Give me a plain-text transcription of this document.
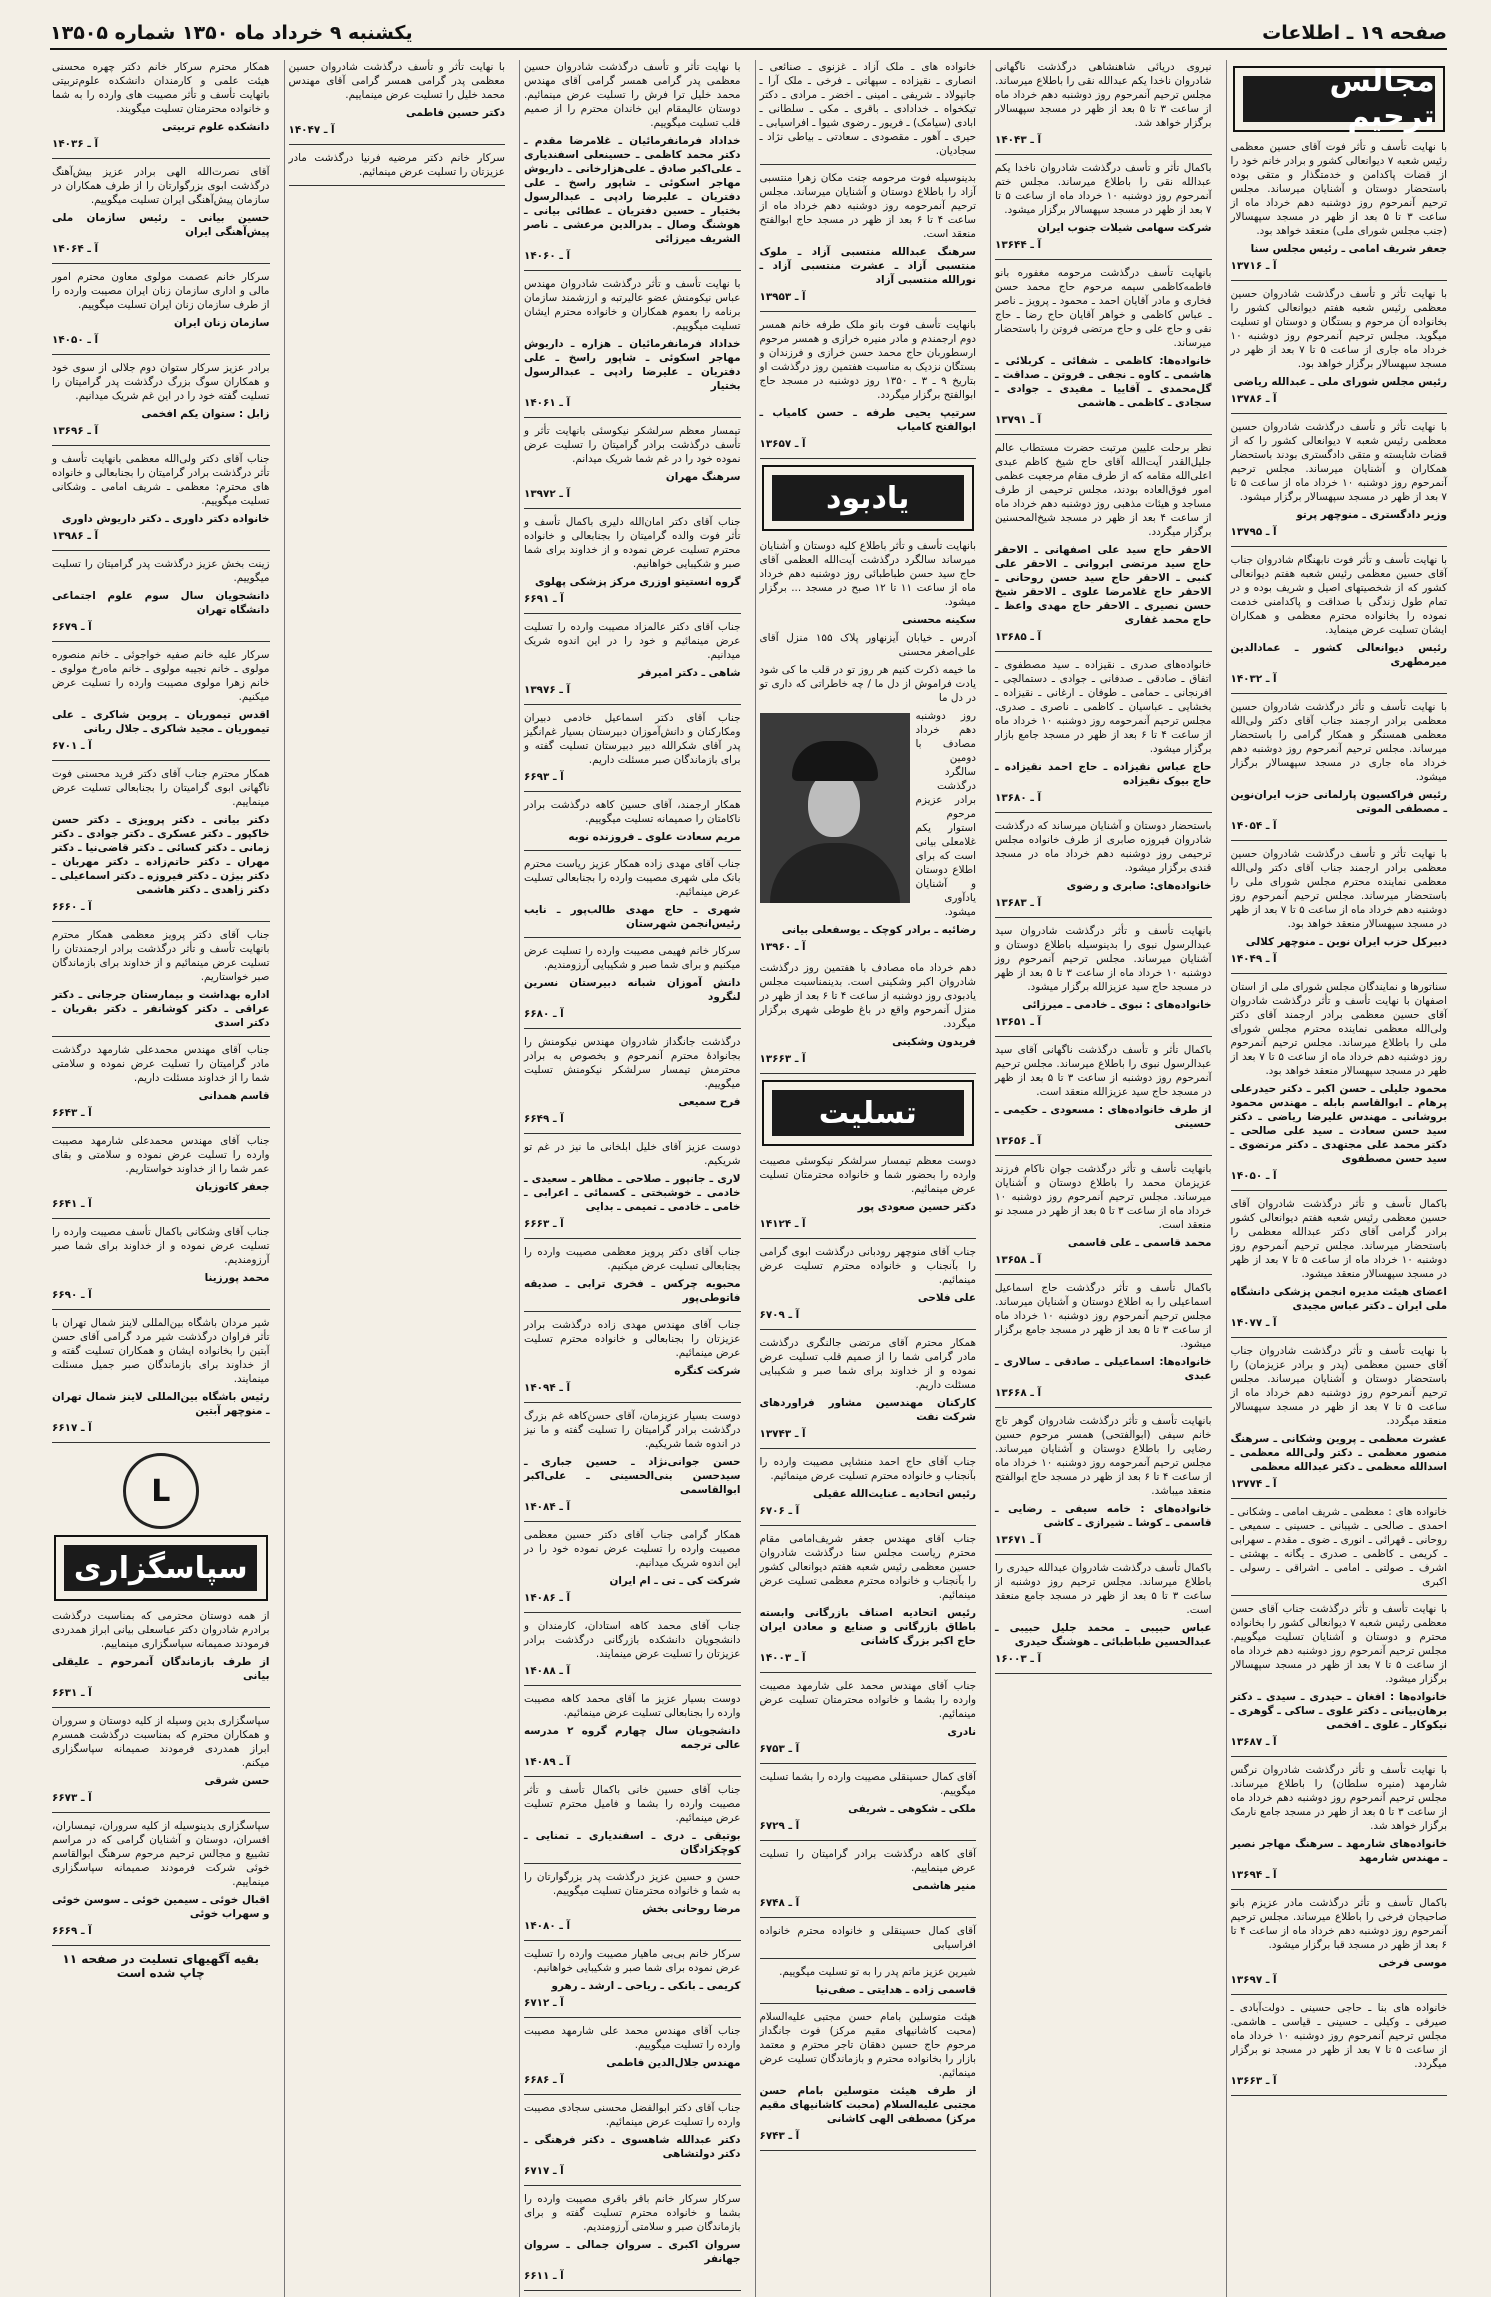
صفحه ۱۹ ـ اطلاعات
یکشنبه ۹ خرداد ماه ۱۳۵۰ شماره ۱۳۵۰۵
مجالس ترحیم

با نهایت تأسف و تأثر فوت آقای حسین معظمی رئیس شعبه ۷ دیوانعالی کشور و برادر خانم خود را از قضات پاکدامن و خدمتگذار و متقی بوده باستحضار دوستان و آشنایان میرساند. مجلس ترحیم آنمرحوم روز دوشنبه دهم خرداد ماه از ساعت ۳ تا ۵ بعد از ظهر در مسجد سپهسالار (جنب مجلس شورای ملی) منعقد خواهد بود.

جعفر شریف امامی ـ رئیس مجلس سنا

آ ـ ۱۳۷۱۶

با نهایت تأثر و تأسف درگذشت شادروان حسین معظمی رئیس شعبه هفتم دیوانعالی کشور را بخانواده آن مرحوم و بستگان و دوستان او تسلیت میگوید. مجلس ترحیم آنمرحوم روز دوشنبه ۱۰ خرداد ماه جاری از ساعت ۵ تا ۷ بعد از ظهر در مسجد سپهسالار برگزار خواهد بود.

رئیس مجلس شورای ملی ـ عبدالله ریاضی

آ ـ ۱۳۷۸۶

با نهایت تأثر و تأسف درگذشت شادروان حسین معظمی رئیس شعبه ۷ دیوانعالی کشور را که از قضات شایسته و متقی دادگستری بودند باستحضار همکاران و آشنایان میرساند. مجلس ترحیم آنمرحوم روز دوشنبه ۱۰ خرداد ماه از ساعت ۵ تا ۷ بعد از ظهر در مسجد سپهسالار برگزار میشود.

وزیر دادگستری ـ منوچهر پرتو

آ ـ ۱۳۷۹۵

با نهایت تأسف و تأثر فوت نابهنگام شادروان جناب آقای حسین معظمی رئیس شعبه هفتم دیوانعالی کشور که از شخصیتهای اصیل و شریف بوده و در تمام طول زندگی با صداقت و پاکدامنی خدمت نموده را بخانواده محترم معظمی و همکاران ایشان تسلیت عرض مینماید.

رئیس دیوانعالی کشور ـ عمادالدین میرمطهری

آ ـ ۱۴۰۳۲

با نهایت تأسف و تأثر درگذشت شادروان حسین معظمی برادر ارجمند جناب آقای دکتر ولی‌الله معظمی همسنگر و همکار گرامی را باستحضار میرساند. مجلس ترحیم آنمرحوم روز دوشنبه دهم خرداد ماه جاری در مسجد سپهسالار برگزار میشود.

رئیس فراکسیون پارلمانی حزب ایران‌نوین ـ مصطفی الموتی

آ ـ ۱۴۰۵۴

با نهایت تأثر و تأسف درگذشت شادروان حسین معظمی برادر ارجمند جناب آقای دکتر ولی‌الله معظمی نماینده محترم مجلس شورای ملی را باستحضار میرساند. مجلس ترحیم آنمرحوم روز دوشنبه دهم خرداد ماه از ساعت ۵ تا ۷ بعد از ظهر در مسجد سپهسالار منعقد خواهد بود.

دبیرکل حزب ایران نوین ـ منوچهر کلالی

آ ـ ۱۴۰۴۹

سناتورها و نمایندگان مجلس شورای ملی از استان اصفهان با نهایت تأسف و تأثر درگذشت شادروان آقای حسین معظمی برادر ارجمند آقای دکتر ولی‌الله معظمی نماینده محترم مجلس شورای ملی را باطلاع میرساند. مجلس ترحیم آنمرحوم روز دوشنبه دهم خرداد ماه از ساعت ۵ تا ۷ بعد از ظهر در مسجد سپهسالار منعقد خواهد بود.

محمود جلیلی ـ حسن اکبر ـ دکتر حیدرعلی پرهام ـ ابوالقاسم بابله ـ مهندس محمود بروشانی ـ مهندس علیرضا ریاضی ـ دکتر سید حسن سعادت ـ سید علی صالحی ـ دکتر محمد علی مجتهدی ـ دکتر مرتضوی ـ سید حسن مصطفوی

آ ـ ۱۴۰۵۰

باکمال تأسف و تأثر درگذشت شادروان آقای حسین معظمی رئیس شعبه هفتم دیوانعالی کشور برادر گرامی آقای دکتر عبدالله معظمی را باستحضار میرساند. مجلس ترحیم آنمرحوم روز دوشنبه ۱۰ خرداد ماه از ساعت ۵ تا ۷ بعد از ظهر در مسجد سپهسالار منعقد میشود.

اعضای هیئت مدیره انجمن پزشکی دانشگاه ملی ایران ـ دکتر عباس مجیدی

آ ـ ۱۴۰۷۷

با نهایت تأسف و تأثر درگذشت شادروان جناب آقای حسین معظمی (پدر و برادر عزیزمان) را باستحضار دوستان و آشنایان میرساند. مجلس ترحیم آنمرحوم روز دوشنبه دهم خرداد ماه از ساعت ۵ تا ۷ بعد از ظهر در مسجد سپهسالار منعقد میگردد.

عشرت معظمی ـ پروین وشکانی ـ سرهنگ منصور معظمی ـ دکتر ولی‌الله معظمی ـ اسدالله معظمی ـ دکتر عبدالله معظمی

آ ـ ۱۳۷۷۴

خانواده های : معظمی ـ شریف امامی ـ وشکانی ـ احمدی ـ صالحی ـ شیبانی ـ حسینی ـ سمیعی ـ روحانی ـ قهرائی ـ انوری ـ ضوی ـ مقدم ـ سهرابی ـ کریمی ـ کاظمی ـ صدری ـ یگانه ـ بهشتی ـ اشرف ـ صولتی ـ امامی ـ اشراقی ـ رسولی ـ اکبری

با نهایت تأسف و تأثر درگذشت جناب آقای حسن معظمی رئیس شعبه ۷ دیوانعالی کشور را بخانواده محترم و دوستان و آشنایان تسلیت میگوییم. مجلس ترحیم آنمرحوم روز دوشنبه دهم خرداد ماه از ساعت ۵ تا ۷ بعد از ظهر در مسجد سپهسالار برگزار میشود.

خانواده‌ها : افغان ـ حیدری ـ سیدی ـ دکتر برهان‌بیانی ـ دکتر علوی ـ ساکی ـ گوهری ـ نیکوکار ـ علوی ـ افخمی

آ ـ ۱۳۶۸۷

با نهایت تأسف و تأثر درگذشت شادروان نرگس شارمهد (منیره سلطان) را باطلاع میرساند. مجلس ترحیم آنمرحوم روز دوشنبه دهم خرداد ماه از ساعت ۳ تا ۵ بعد از ظهر در مسجد جامع نارمک برگزار خواهد شد.

خانواده‌های شارمهد ـ سرهنگ مهاجر نصیر ـ مهندس شارمهد

آ ـ ۱۳۶۹۴

باکمال تأسف و تأثر درگذشت مادر عزیزم بانو صاحبجان فرخی را باطلاع میرساند. مجلس ترحیم آنمرحوم روز دوشنبه دهم خرداد ماه از ساعت ۴ تا ۶ بعد از ظهر در مسجد قبا برگزار میشود.

موسی فرخی

آ ـ ۱۳۶۹۷

خانواده های بنا ـ حاجی حسینی ـ دولت‌آبادی ـ صیرفی ـ وکیلی ـ حسینی ـ قیاسی ـ هاشمی. مجلس ترحیم آنمرحوم روز دوشنبه ۱۰ خرداد ماه از ساعت ۵ تا ۷ بعد از ظهر در مسجد نو برگزار میگردد.

آ ـ ۱۳۶۶۳

نیروی دریائی شاهنشاهی درگذشت ناگهانی شادروان ناخدا یکم عبدالله نقی را باطلاع میرساند. مجلس ترحیم آنمرحوم روز دوشنبه دهم خرداد ماه از ساعت ۳ تا ۵ بعد از ظهر در مسجد سپهسالار برگزار خواهد شد.

آ ـ ۱۴۰۴۳

باکمال تأثر و تأسف درگذشت شادروان ناخدا یکم عبدالله نقی را باطلاع میرساند. مجلس ختم آنمرحوم روز دوشنبه ۱۰ خرداد ماه از ساعت ۵ تا ۷ بعد از ظهر در مسجد سپهسالار برگزار میشود.

شرکت سهامی شیلات جنوب ایران

آ ـ ۱۳۶۴۴

بانهایت تأسف درگذشت مرحومه مغفوره بانو فاطمه‌کاظمی سیمه مرحوم حاج محمد حسن فخاری و مادر آقایان احمد ـ محمود ـ پرویز ـ ناصر ـ عباس کاظمی و خواهر آقایان حاج رضا ـ حاج نقی و حاج علی و حاج مرتضی فروتن را باستحضار میرساند.

خانواده‌ها: کاظمی ـ شفائی ـ کربلائی ـ هاشمی ـ کاوه ـ نجفی ـ فروتن ـ صداقت ـ گل‌محمدی ـ آقاییا ـ مفیدی ـ جوادی ـ سجادی ـ کاظمی ـ هاشمی

آ ـ ۱۳۷۹۱

نظر برحلت علیین مرتبت حضرت مستطاب عالم جلیل‌القدر آیت‌الله آقای حاج شیخ کاظم عبدی اعلی‌الله مقامه که از طرف مقام مرجعیت عظمی امور فوق‌العاده بودند، مجلس ترحیمی از طرف مساجد و هیئات مذهبی روز دوشنبه دهم خرداد ماه از ساعت ۴ بعد از ظهر در مسجد شیخ‌المحسنین برگزار میگردد.

الاحقر حاج سید علی اصفهانی ـ الاحقر حاج سید مرتضی ابروانی ـ الاحقر علی کنبی ـ الاحقر حاج سید حسن روحانی ـ الاحقر حاج غلامرضا علوی ـ الاحقر شیخ حسن نصیری ـ الاحقر حاج مهدی واعظ ـ حاج محمد غفاری

آ ـ ۱۳۶۸۵

خانواده‌های صدری ـ نقیزاده ـ سید مصطفوی ـ اتفاق ـ صادقی ـ صدفانی ـ جوادی ـ دستمالچی ـ افرنجانی ـ حمامی ـ طوفان ـ ارغانی ـ نقیزاده ـ بخشایی ـ عباسیان ـ کاظمی ـ ناصری ـ صدری. مجلس ترحیم آنمرحومه روز دوشنبه ۱۰ خرداد ماه از ساعت ۴ تا ۶ بعد از ظهر در مسجد جامع بازار برگزار میشود.

حاج عباس نقیزاده ـ حاج احمد نقیزاده ـ حاج بیوک نقیزاده

آ ـ ۱۳۶۸۰

باستحضار دوستان و آشنایان میرساند که درگذشت شادروان فیروزه صابری از طرف خانواده مجلس ترحیمی روز دوشنبه دهم خرداد ماه در مسجد قندی برگزار میشود.

خانواده‌های: صابری و رضوی

آ ـ ۱۳۶۸۳

بانهایت تأسف و تأثر درگذشت شادروان سید عبدالرسول نبوی را بدینوسیله باطلاع دوستان و آشنایان میرساند. مجلس ترحیم آنمرحوم روز دوشنبه ۱۰ خرداد ماه از ساعت ۳ تا ۵ بعد از ظهر در مسجد حاج سید عزیزالله برگزار میشود.

خانواده‌های : نبوی ـ خادمی ـ میرزائی

آ ـ ۱۳۶۵۱

باکمال تأثر و تأسف درگذشت ناگهانی آقای سید عبدالرسول نبوی را باطلاع میرساند. مجلس ترحیم آنمرحوم روز دوشنبه از ساعت ۳ تا ۵ بعد از ظهر در مسجد حاج سید عزیزالله منعقد است.

از طرف خانواده‌های : مسعودی ـ حکیمی ـ حسینی

آ ـ ۱۳۶۵۶

بانهایت تأسف و تأثر درگذشت جوان ناکام فرزند عزیزمان محمد را باطلاع دوستان و آشنایان میرساند. مجلس ترحیم آنمرحوم روز دوشنبه ۱۰ خرداد ماه از ساعت ۳ تا ۵ بعد از ظهر در مسجد نو منعقد است.

محمد قاسمی ـ علی قاسمی

آ ـ ۱۳۶۵۸

باکمال تأسف و تأثر درگذشت حاج اسماعیل اسماعیلی را به اطلاع دوستان و آشنایان میرساند. مجلس ترحیم آنمرحوم روز دوشنبه ۱۰ خرداد ماه از ساعت ۳ تا ۵ بعد از ظهر در مسجد جامع برگزار میشود.

خانواده‌ها: اسماعیلی ـ صادقی ـ سالاری ـ عبدی

آ ـ ۱۳۶۶۸

بانهایت تأسف و تأثر درگذشت شادروان گوهر تاج خانم سیفی (ابوالفتحی) همسر مرحوم حسین رضایی را باطلاع دوستان و آشنایان میرساند. مجلس ترحیم آنمرحومه روز دوشنبه ۱۰ خرداد ماه از ساعت ۴ تا ۶ بعد از ظهر در مسجد حاج ابوالفتح منعقد میباشد.

خانواده‌های : خامه سیفی ـ رضایی ـ قاسمی ـ کوشا ـ شیرازی ـ کاشی

آ ـ ۱۳۶۷۱

باکمال تأسف درگذشت شادروان عبدالله حیدری را باطلاع میرساند. مجلس ترحیم روز دوشنبه از ساعت ۳ تا ۵ بعد از ظهر در مسجد جامع منعقد است.

عباس حبیبی ـ محمد جلیل حبیبی ـ عبدالحسین طباطبائی ـ هوشنگ حیدری

آ ـ ۱۶۰۰۳

خانواده های ـ ملک آزاد ـ غزنوی ـ صنائعی ـ انصاری ـ نقیزاده ـ سپهاتی ـ فرخی ـ ملک آرا ـ جانپولاد ـ شریفی ـ امینی ـ اخضر ـ مرادی ـ دکتر تیکخواه ـ خدادادی ـ باقری ـ مکی ـ سلطانی ـ ابادی (سیامک) ـ فریور ـ رضوی شیوا ـ افراسیابی ـ حیری ـ آهور ـ مقصودی ـ سعادتی ـ بیاطی نژاد ـ سجادیان.

بدینوسیله فوت مرحومه جنت مکان زهرا منتسبی آزاد را باطلاع دوستان و آشنایان میرساند. مجلس ترحیم آنمرحومه روز دوشنبه دهم خرداد ماه از ساعت ۴ تا ۶ بعد از ظهر در مسجد حاج ابوالفتح منعقد است.

سرهنگ عبدالله منتسبی آزاد ـ ملوک منتسبی آزاد ـ عشرت منتسبی آزاد ـ نورالله منتسبی آزاد

آ ـ ۱۳۹۵۳

بانهایت تأسف فوت بانو ملک طرفه خانم همسر دوم ارجمندم و مادر منیره خرازی و همسر مرحوم ارسطوربان حاج محمد حسن خرازی و فرزندان و بستگان نزدیک به مناسبت هفتمین روز درگذشت او بتاریخ ۹ ـ ۳ ـ ۱۳۵۰ روز دوشنبه در مسجد حاج ابوالفتح برگزار میگردد.

سرتیپ یحیی طرفه ـ حسن کامیاب ـ ابوالفتح کامیاب

آ ـ ۱۳۶۵۷
یادبود

بانهایت تأسف و تأثر باطلاع کلیه دوستان و آشنایان میرساند سالگرد درگذشت آیت‌الله العظمی آقای حاج سید حسن طباطبائی روز دوشنبه دهم خرداد ماه از ساعت ۱۱ تا ۱۲ صبح در مسجد ... برگزار میشود.

سکینه محسنی

آدرس ـ خیابان آیزنهاور پلاک ۱۵۵ منزل آقای علی‌اصغر محسنی

ما خیمه ذکرت کنیم هر روز تو در قلب ما کی شود یادت فراموش از دل ما / چه خاطراتی که داری تو در دل ما

روز دوشنبه دهم خرداد مصادف با دومین سالگرد درگذشت برادر عزیزم مرحوم استوار یکم غلامعلی بیانی است که برای اطلاع دوستان و آشنایان یادآوری میشود.

رضائیه ـ برادر کوچک ـ یوسفعلی بیانی

آ ـ ۱۳۹۶۰

دهم خرداد ماه مصادف با هفتمین روز درگذشت شادروان اکبر وشکینی است. بدینمناسبت مجلس یادبودی روز دوشنبه از ساعت ۴ تا ۶ بعد از ظهر در منزل آنمرحوم واقع در باغ طوطی شهری برگزار میگردد.

فریدون وشکینی

آ ـ ۱۳۶۶۳
تسلیت

دوست معظم تیمسار سرلشکر نیکوسئی مصیبت وارده را بحضور شما و خانواده محترمتان تسلیت عرض مینمائیم.

دکتر حسین صعودی پور

آ ـ ۱۴۱۲۴

جناب آقای منوچهر رودبانی درگذشت ابوی گرامی را بآنجناب و خانواده محترم تسلیت عرض مینمائیم.

علی فلاحی

آ ـ ۶۷۰۹

همکار محترم آقای مرتضی جالنگری درگذشت مادر گرامی شما را از صمیم قلب تسلیت عرض نموده و از خداوند برای شما صبر و شکیبایی مسئلت داریم.

کارکنان مهندسین مشاور فراوردهای شرکت نفت

آ ـ ۱۳۷۴۳

جناب آقای حاج احمد منشایی مصیبت وارده را بآنجناب و خانواده محترم تسلیت عرض مینمائیم.

رئیس اتحادیه ـ عنایت‌الله عقیلی

آ ـ ۶۷۰۶

جناب آقای مهندس جعفر شریف‌امامی مقام محترم ریاست مجلس سنا درگذشت شادروان حسین معظمی رئیس شعبه هفتم دیوانعالی کشور را بآنجناب و خانواده محترم معظمی تسلیت عرض مینمائیم.

رئیس اتحادیه اصناف بازرگانی وابسته باطاق بازرگانی و صنایع و معادن ایران حاج اکبر بزرگ کاشانی

آ ـ ۱۴۰۰۳

جناب آقای مهندس محمد علی شارمهد مصیبت وارده را بشما و خانواده محترمتان تسلیت عرض مینمائیم.

نادری

آ ـ ۶۷۵۳

آقای کمال حسینقلی مصیبت وارده را بشما تسلیت میگوییم.

ملکی ـ شکوهی ـ شریفی

آ ـ ۶۷۲۹

آقای کاهه درگذشت برادر گرامیتان را تسلیت عرض مینماییم.

منیر هاشمی

آ ـ ۶۷۴۸

آقای کمال حسینقلی و خانواده محترم خانواده افراسیابی

شیرین عزیز ماتم پدر را به تو تسلیت میگوییم.

قاسمی زاده ـ هدایتی ـ صفی‌نیا

هیئت متوسلین بامام حسن مجتبی علیه‌السلام (محبت کاشانیهای مقیم مرکز) فوت جانگداز مرحوم حاج حسین دهقان تاجر محترم و معتمد بازار را بخانواده محترم و بازماندگان تسلیت عرض مینمائیم.

از طرف هیئت متوسلین بامام حسن مجتبی علیه‌السلام (محبت کاشانیهای مقیم مرکز) مصطفی الهی کاشانی

آ ـ ۶۷۴۳

با نهایت تأثر و تأسف درگذشت شادروان حسین معظمی پدر گرامی همسر گرامی آقای مهندس محمد خلیل ترا فرش را تسلیت عرض مینمائیم. دوستان عالیمقام این خاندان محترم را از صمیم قلب تسلیت میگوییم.

خداداد فرمانفرمائیان ـ غلامرضا مقدم ـ دکتر محمد کاظمی ـ حسینعلی اسفندیاری ـ علی‌اکبر صادق ـ علی‌هزارخانی ـ داریوش مهاجر اسکوئی ـ شاپور راسخ ـ علی دفتریان ـ علیرضا رادپی ـ عبدالرسول بختیار ـ حسین دفتریان ـ عطائی بیانی ـ هوشنگ وصال ـ بدرالدین مرعشی ـ ناصر الشریف میرزائی

آ ـ ۱۴۰۶۰

با نهایت تأسف و تأثر درگذشت شادروان مهندس عباس نیکومنش عضو عالیرتبه و ارزشمند سازمان برنامه را بعموم همکاران و خانواده محترم ایشان تسلیت میگوییم.

خداداد فرمانفرمائیان ـ هزاره ـ داریوش مهاجر اسکوئی ـ شاپور راسخ ـ علی دفتریان ـ علیرضا رادپی ـ عبدالرسول بختیار

آ ـ ۱۴۰۶۱

تیمسار معظم سرلشکر نیکوسئی بانهایت تأثر و تأسف درگذشت برادر گرامیتان را تسلیت عرض نموده خود را در غم شما شریک میدانم.

سرهنگ مهران

آ ـ ۱۳۹۷۲

جناب آقای دکتر امان‌الله دلیری باکمال تأسف و تأثر فوت والده گرامیتان را بجنابعالی و خانواده محترم تسلیت عرض نموده و از خداوند برای شما صبر و شکیبایی خواهانیم.

گروه انستیتو اوزری مرکز پزشکی پهلوی

آ ـ ۶۶۹۱

جناب آقای دکتر عالمزاد مصیبت وارده را تسلیت عرض مینمائیم و خود را در این اندوه شریک میدانیم.

شاهی ـ دکتر امیرفر

آ ـ ۱۳۹۷۶

جناب آقای دکتر اسماعیل خادمی دبیران ومکارکنان و دانش‌آموزان دبیرستان بسیار غم‌انگیز پدر آقای شکرالله دبیر دبیرستان تسلیت گفته و برای بازماندگان صبر مسئلت داریم.

آ ـ ۶۶۹۳

همکار ارجمند، آقای حسین کاهه درگذشت برادر ناکامتان را صمیمانه تسلیت میگوییم.

مریم سعادت علوی ـ فروزنده نوبه

جناب آقای مهدی زاده همکار عزیز ریاست محترم بانک ملی شهری مصیبت وارده را بجنابعالی تسلیت عرض مینمائیم.

شهری ـ حاج مهدی طالب‌پور ـ نایب رئیس‌انجمن شهرستان

سرکار خانم فهیمی مصیبت وارده را تسلیت عرض میکنیم و برای شما صبر و شکیبایی آرزومندیم.

دانش آموزان شبانه دبیرستان نسرین لنگرود

آ ـ ۶۶۸۰

درگذشت جانگداز شادروان مهندس نیکومنش را بجانوادۀ محترم آنمرحوم و بخصوص به برادر محترمش تیمسار سرلشکر نیکومنش تسلیت میگوییم.

فرح سمیعی

آ ـ ۶۶۴۹

دوست عزیز آقای خلیل ابلخانی ما نیز در غم تو شریکیم.

لاری ـ جانپور ـ صلاحی ـ مظاهر ـ سعیدی ـ خادمی ـ خوشبختی ـ کسمائی ـ اعرابی ـ خامی ـ خادمی ـ تمیمی ـ بدایی

آ ـ ۶۶۶۳

جناب آقای دکتر پرویز معظمی مصیبت وارده را بجنابعالی تسلیت عرض میکنیم.

محبوبه چرکس ـ فخری ترابی ـ صدیقه فاتوطی‌پور

جناب آقای مهندس مهدی زاده درگذشت برادر عزیزتان را بجنابعالی و خانواده محترم تسلیت عرض مینمائیم.

شرکت کنگره

آ ـ ۱۴۰۹۴

دوست بسیار عزیزمان، آقای حسن‌کاهه غم بزرگ درگذشت برادر گرامیتان را تسلیت گفته و ما نیز در اندوه شما شریکیم.

حسن جوانی‌نژاد ـ حسین جباری ـ سیدحسن بنی‌الحسینی ـ علی‌اکبر ابوالقاسمی

آ ـ ۱۴۰۸۴

همکار گرامی جناب آقای دکتر حسین معظمی مصیبت وارده را تسلیت عرض نموده خود را در این اندوه شریک میدانیم.

شرکت کی ـ تی ـ ام ایران

آ ـ ۱۴۰۸۶

جناب آقای محمد کاهه استادان، کارمندان و دانشجویان دانشکده بازرگانی درگذشت برادر عزیزتان را تسلیت عرض مینمایند.

آ ـ ۱۴۰۸۸

دوست بسیار عزیز ما آقای محمد کاهه مصیبت وارده را بجنابعالی تسلیت عرض مینمائیم.

دانشجویان سال چهارم گروه ۲ مدرسه عالی ترجمه

آ ـ ۱۴۰۸۹

جناب آقای حسین خانی باکمال تأسف و تأثر مصیبت وارده را بشما و فامیل محترم تسلیت عرض مینمائیم.

بوتیقی ـ دری ـ اسفندیاری ـ تمنایی ـ کوچکزادگان

حسن و حسین عزیز درگذشت پدر بزرگوارتان را به شما و خانواده محترمتان تسلیت میگوییم.

مرضا روحانی بخش

آ ـ ۱۴۰۸۰

سرکار خانم بی‌بی ماهیار مصیبت وارده را تسلیت عرض نموده برای شما صبر و شکیبایی خواهانیم.

کریمی ـ بانکی ـ ریاحی ـ ارشد ـ رهرو

آ ـ ۶۷۱۲

جناب آقای مهندس محمد علی شارمهد مصیبت وارده را تسلیت میگوییم.

مهندس جلال‌الدین فاطمی

آ ـ ۶۶۸۶

جناب آقای دکتر ابوالفضل محسنی سجادی مصیبت وارده را تسلیت عرض مینمائیم.

دکتر عبدالله شاهسوی ـ دکتر فرهنگی ـ دکتر دولتشاهی

آ ـ ۶۷۱۷

سرکار سرکار خانم باقر باقری مصیبت وارده را بشما و خانواده محترم تسلیت گفته و برای بازماندگان صبر و سلامتی آرزومندیم.

سروان اکبری ـ سروان جمالی ـ سروان جهانفر

آ ـ ۶۶۱۱

با نهایت تأثر و تأسف درگذشت شادروان حسین معظمی پدر گرامی همسر گرامی آقای مهندس محمد خلیل را تسلیت عرض مینماییم.

دکتر حسین فاطمی

آ ـ ۱۴۰۴۷

سرکار خانم دکتر مرضیه فرنیا درگذشت مادر عزیزتان را تسلیت عرض مینمائیم.

همکار محترم سرکار خانم دکتر چهره محسنی هیئت علمی و کارمندان دانشکده علوم‌تربیتی باتهایت تأسف و تأثر مصیبت های وارده را به شما و خانواده محترمتان تسلیت میگویند.

دانشکده علوم تربیتی

آ ـ ۱۴۰۳۶

آقای نصرت‌الله الهی برادر عزیز بیش‌آهنگ درگذشت ابوی بزرگوارتان را از طرف همکاران در سازمان پیش‌آهنگی ایران تسلیت میگوییم.

حسین بیانی ـ رئیس سازمان ملی پیش‌آهنگی ایران

آ ـ ۱۴۰۶۴

سرکار خانم عصمت مولوی معاون محترم امور مالی و اداری سازمان زنان ایران مصیبت وارده را از طرف سازمان زنان ایران تسلیت میگوییم.

سازمان زنان ایران

آ ـ ۱۴۰۵۰

برادر عزیز سرکار ستوان دوم جلالی از سوی خود و همکاران سوگ بزرگ درگذشت پدر گرامیتان را تسلیت گفته خود را در این غم شریک میدانیم.

زابل : ستوان یکم افخمی

آ ـ ۱۳۶۹۶

جناب آقای دکتر ولی‌الله معظمی بانهایت تأسف و تأثر درگذشت برادر گرامیتان را بجنابعالی و خانواده های محترم: معظمی ـ شریف امامی ـ وشکانی تسلیت میگوییم.

خانواده دکتر داوری ـ دکتر داریوش داوری

آ ـ ۱۳۹۸۶

زینت بخش عزیز درگذشت پدر گرامیتان را تسلیت میگوییم.

دانشجویان سال سوم علوم اجتماعی دانشگاه تهران

آ ـ ۶۶۷۹

سرکار علیه خانم صفیه خواجوئی ـ خانم منصوره مولوی ـ خانم نجیبه مولوی ـ خانم ماه‌رخ مولوی ـ خانم زهرا مولوی مصیبت وارده را تسلیت عرض میکنیم.

اقدس تیموریان ـ پروین شاکری ـ علی تیموریان ـ مجید شاکری ـ جلال ربانی

آ ـ ۶۷۰۱

همکار محترم جناب آقای دکتر فرید محسنی فوت ناگهانی ابوی گرامیتان را بجنابعالی تسلیت عرض مینماییم.

دکتر بیانی ـ دکتر پرویزی ـ دکتر حسن خاکپور ـ دکتر عسکری ـ دکتر جوادی ـ دکتر زمانی ـ دکتر کسائی ـ دکتر قاضی‌نیا ـ دکتر مهران ـ دکتر حاتم‌زاده ـ دکتر مهربان ـ دکتر بیژن ـ دکتر فیروزه ـ دکتر اسماعیلی ـ دکتر زاهدی ـ دکتر هاشمی

آ ـ ۶۶۶۰

جناب آقای دکتر پرویز معظمی همکار محترم بانهایت تأسف و تأثر درگذشت برادر ارجمندتان را تسلیت عرض مینمائیم و از خداوند برای بازماندگان صبر خواستاریم.

اداره بهداشت و بیمارستان جرجانی ـ دکتر عراقی ـ دکتر کوشانفر ـ دکتر بقریان ـ دکتر اسدی

جناب آقای مهندس محمدعلی شارمهد درگذشت مادر گرامیتان را تسلیت عرض نموده و سلامتی شما را از خداوند مسئلت داریم.

قاسم همدانی

آ ـ ۶۶۴۳

جناب آقای مهندس محمدعلی شارمهد مصیبت وارده را تسلیت عرض نموده و سلامتی و بقای عمر شما را از خداوند خواستاریم.

جعفر کاتوزیان

آ ـ ۶۶۴۱

جناب آقای وشکانی باکمال تأسف مصیبت وارده را تسلیت عرض نموده و از خداوند برای شما صبر آرزومندیم.

محمد پورزینا

آ ـ ۶۶۹۰

شیر مردان باشگاه بین‌المللی لاینز شمال تهران با تأثر فراوان درگذشت شیر مرد گرامی آقای حسن آبتین را بخانواده ایشان و همکاران تسلیت گفته و از خداوند برای بازماندگان صبر جمیل مسئلت مینمایند.

رئیس باشگاه بین‌المللی لاینز شمال تهران ـ منوچهر آبتین

آ ـ ۶۶۱۷
L
سپاسگزاری

از همه دوستان محترمی که بمناسبت درگذشت برادرم شادروان دکتر عباسعلی بیانی ابراز همدردی فرمودند صمیمانه سپاسگزاری مینماییم.

از طرف بازماندگان آنمرحوم ـ علیقلی بیانی

آ ـ ۶۶۳۱

سپاسگزاری بدین وسیله از کلیه دوستان و سروران و همکاران محترم که بمناسبت درگذشت همسرم ابراز همدردی فرمودند صمیمانه سپاسگزاری میکنم.

حسن شرقی

آ ـ ۶۶۷۳

سپاسگزاری بدینوسیله از کلیه سروران، تیمساران، افسران، دوستان و آشنایان گرامی که در مراسم تشییع و مجالس ترحیم مرحوم سرهنگ ابوالقاسم خوئی شرکت فرمودند صمیمانه سپاسگزاری مینماییم.

اقبال خوئی ـ سیمین خوئی ـ سوسن خوئی و سهراب خوئی

آ ـ ۶۶۶۹
بقیه آگهیهای تسلیت در صفحه ۱۱ چاپ شده است
